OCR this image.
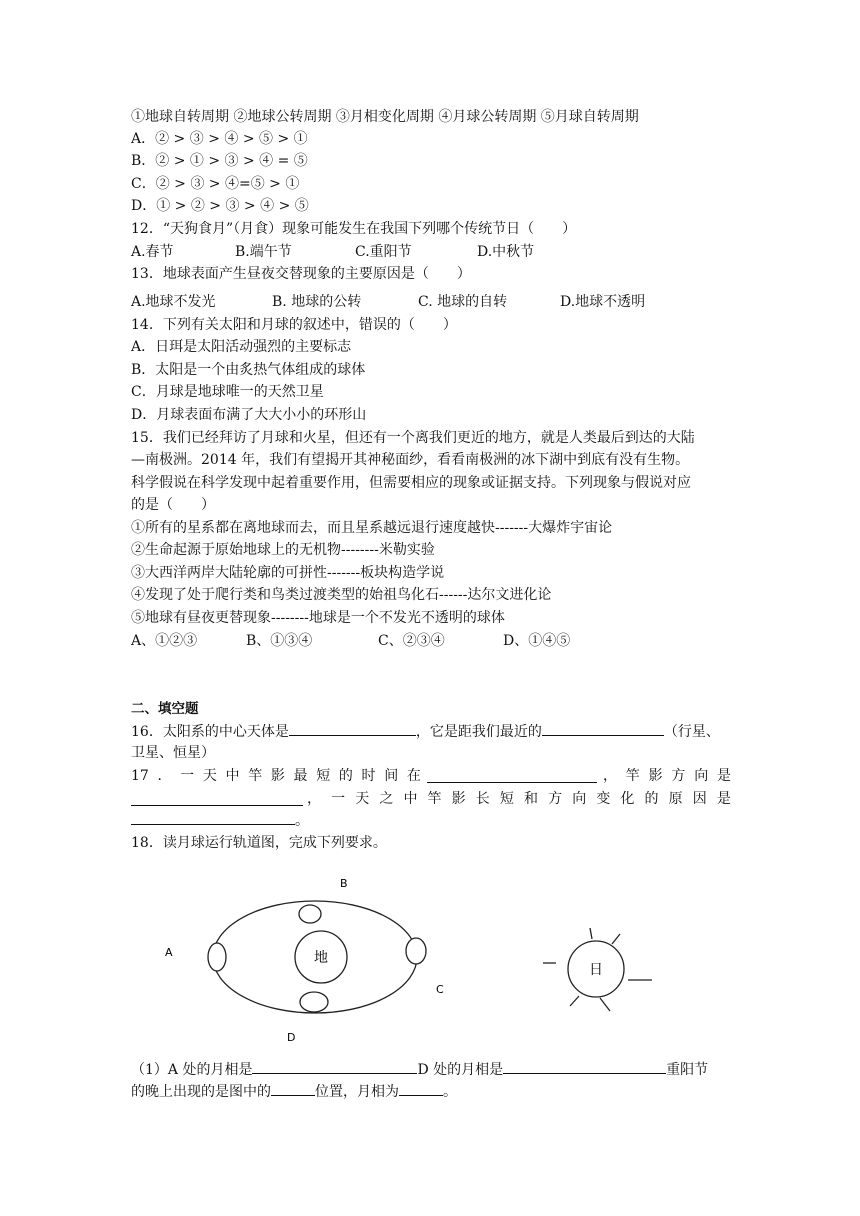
①地球自转周期 ②地球公转周期 ③月相变化周期 ④月球公转周期 ⑤月球自转周期
A．② > ③ > ④ > ⑤ > ①
B．② > ① > ③ > ④ = ⑤
C．② > ③ > ④=⑤ > ①
D．① > ② > ③ > ④ > ⑤
12．“天狗食月”（月食）现象可能发生在我国下列哪个传统节日（　　）
A.春节	B.端午节	C.重阳节	D.中秋节
13．地球表面产生昼夜交替现象的主要原因是（　　）
A.地球不发光	B. 地球的公转	C. 地球的自转	D.地球不透明
14．下列有关太阳和月球的叙述中，错误的（　　）
A．日珥是太阳活动强烈的主要标志
B．太阳是一个由炙热气体组成的球体
C．月球是地球唯一的天然卫星
D．月球表面布满了大大小小的环形山
15．我们已经拜访了月球和火星，但还有一个离我们更近的地方，就是人类最后到达的大陆
—南极洲。2014 年，我们有望揭开其神秘面纱，看看南极洲的冰下湖中到底有没有生物。
科学假说在科学发现中起着重要作用，但需要相应的现象或证据支持。下列现象与假说对应
的是（　　）
①所有的星系都在离地球而去，而且星系越远退行速度越快-------大爆炸宇宙论
②生命起源于原始地球上的无机物--------米勒实验
③大西洋两岸大陆轮廓的可拼性-------板块构造学说
④发现了处于爬行类和鸟类过渡类型的始祖鸟化石------达尔文进化论
⑤地球有昼夜更替现象--------地球是一个不发光不透明的球体
A、①②③	B、①③④	C、②③④	D、①④⑤
二、填空题
16．太阳系的中心天体是	，它是距我们最近的	（行星、
卫星、恒星）
17 ． 一 天 中 竿 影 最 短 的 时 间 在	， 竿 影 方 向 是
， 一 天 之 中 竿 影 长 短 和 方 向 变 化 的 原 因 是
。
18．读月球运行轨道图，完成下列要求。
地
B
A
C
D
日
（1）A 处的月相是	D 处的月相是	重阳节
的晚上出现的是图中的	位置，月相为	。
